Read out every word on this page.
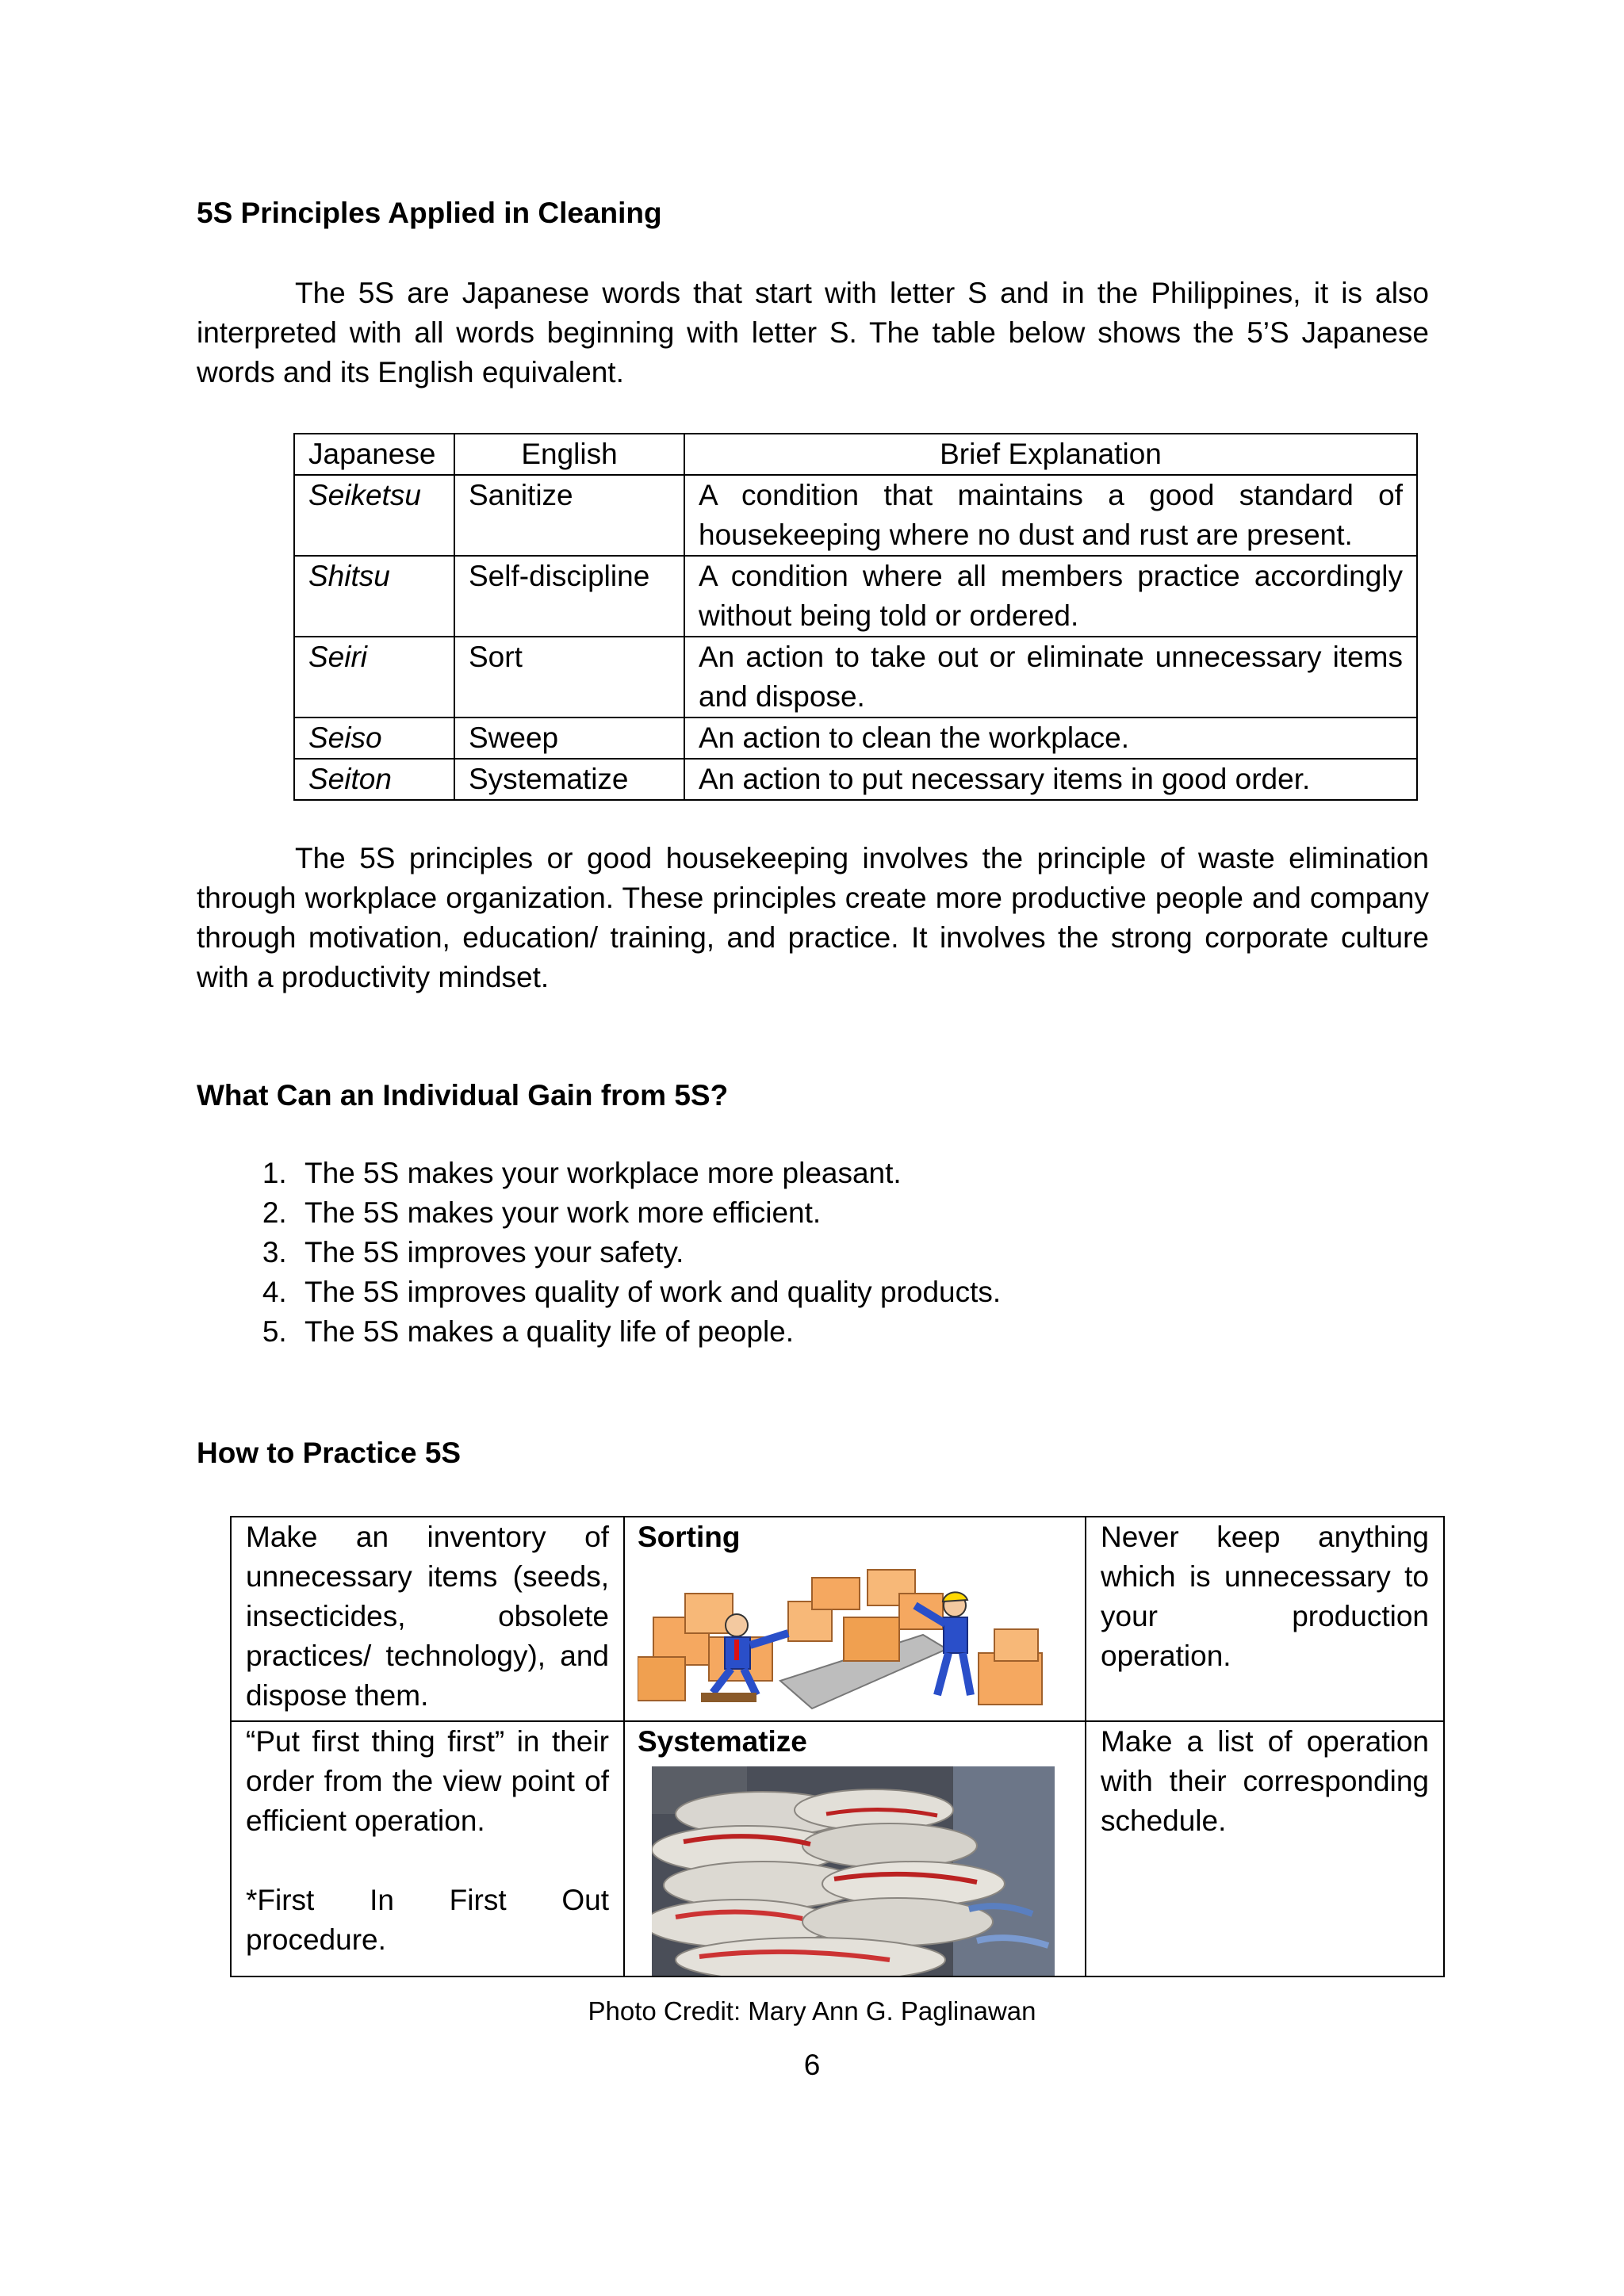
5S Principles Applied in Cleaning

The 5S are Japanese words that start with letter S and in the Philippines, it is also interpreted with all words beginning with letter S. The table below shows the 5’S Japanese words and its English equivalent.

Japanese	English	Brief Explanation
Seiketsu	Sanitize	A condition that maintains a good standard of housekeeping where no dust and rust are present.
Shitsu	Self-discipline	A condition where all members practice accordingly without being told or ordered.
Seiri	Sort	An action to take out or eliminate unnecessary items and dispose.
Seiso	Sweep	An action to clean the workplace.
Seiton	Systematize	An action to put necessary items in good order.

The 5S principles or good housekeeping involves the principle of waste elimination through workplace organization. These principles create more productive people and company through motivation, education/ training, and practice. It involves the strong corporate culture with a productivity mindset.

What Can an Individual Gain from 5S?
1. The 5S makes your workplace more pleasant.
2. The 5S makes your work more efficient.
3. The 5S improves your safety.
4. The 5S improves quality of work and quality products.
5. The 5S makes a quality life of people.
How to Practice 5S
Make an inventory of unnecessary items (seeds, insecticides, obsolete practices/ technology), and dispose them.	Sorting	Never keep anything which is unnecessary to your production operation.
“Put first thing first” in their order from the view point of efficient operation.

*First In First Out procedure.	Systematize	Make a list of operation with their corresponding schedule.
Photo Credit: Mary Ann G. Paglinawan
6
